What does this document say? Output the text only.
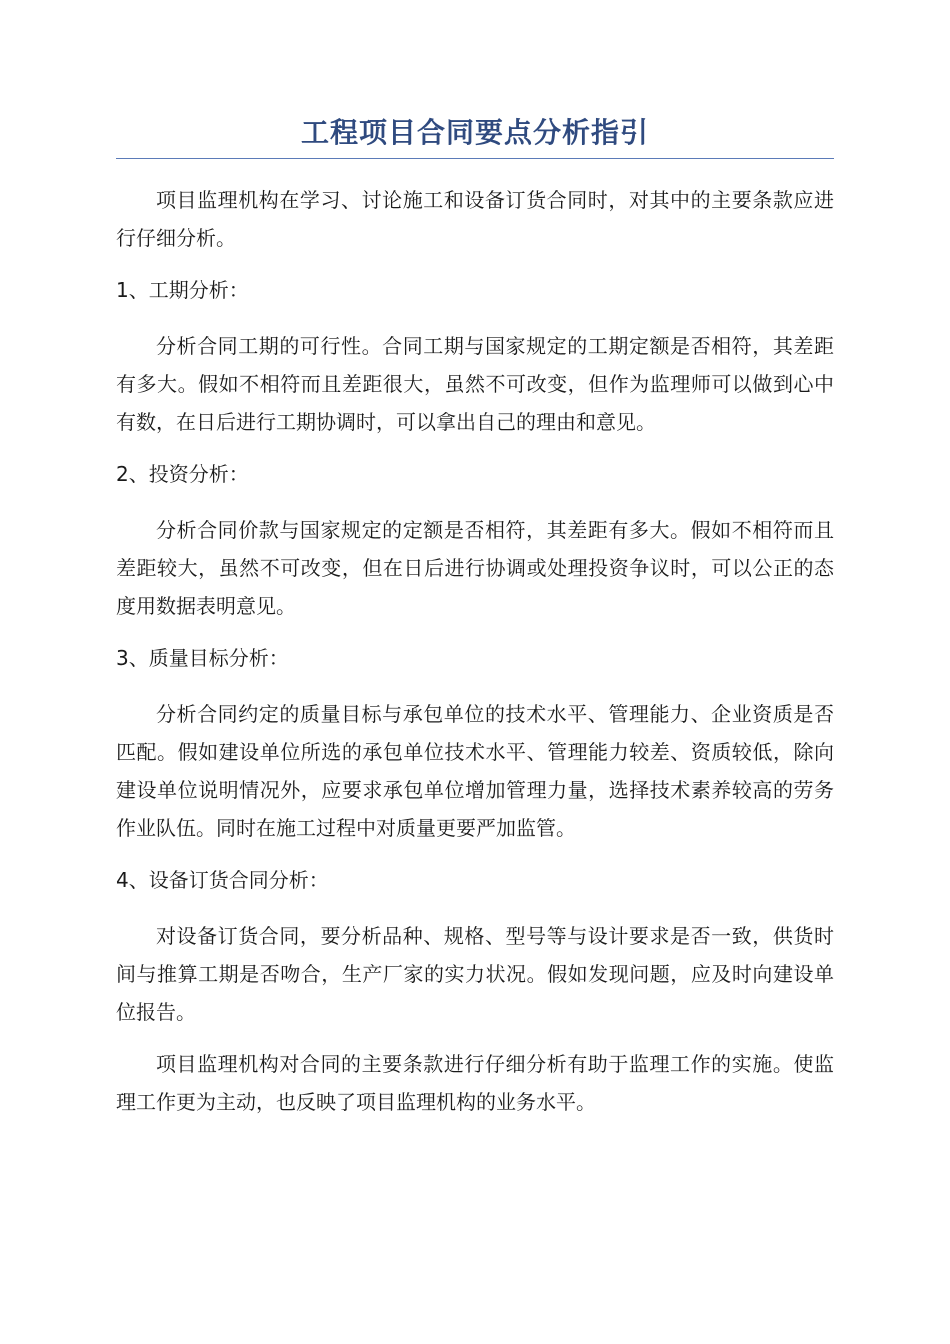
工程项目合同要点分析指引

项目监理机构在学习、讨论施工和设备订货合同时，对其中的主要条款应进行仔细分析。

1、工期分析：

分析合同工期的可行性。合同工期与国家规定的工期定额是否相符，其差距有多大。假如不相符而且差距很大，虽然不可改变，但作为监理师可以做到心中有数，在日后进行工期协调时，可以拿出自己的理由和意见。

2、投资分析：

分析合同价款与国家规定的定额是否相符，其差距有多大。假如不相符而且差距较大，虽然不可改变，但在日后进行协调或处理投资争议时，可以公正的态度用数据表明意见。

3、质量目标分析：

分析合同约定的质量目标与承包单位的技术水平、管理能力、企业资质是否匹配。假如建设单位所选的承包单位技术水平、管理能力较差、资质较低，除向建设单位说明情况外，应要求承包单位增加管理力量，选择技术素养较高的劳务作业队伍。同时在施工过程中对质量更要严加监管。

4、设备订货合同分析：

对设备订货合同，要分析品种、规格、型号等与设计要求是否一致，供货时间与推算工期是否吻合，生产厂家的实力状况。假如发现问题，应及时向建设单位报告。

项目监理机构对合同的主要条款进行仔细分析有助于监理工作的实施。使监理工作更为主动，也反映了项目监理机构的业务水平。
